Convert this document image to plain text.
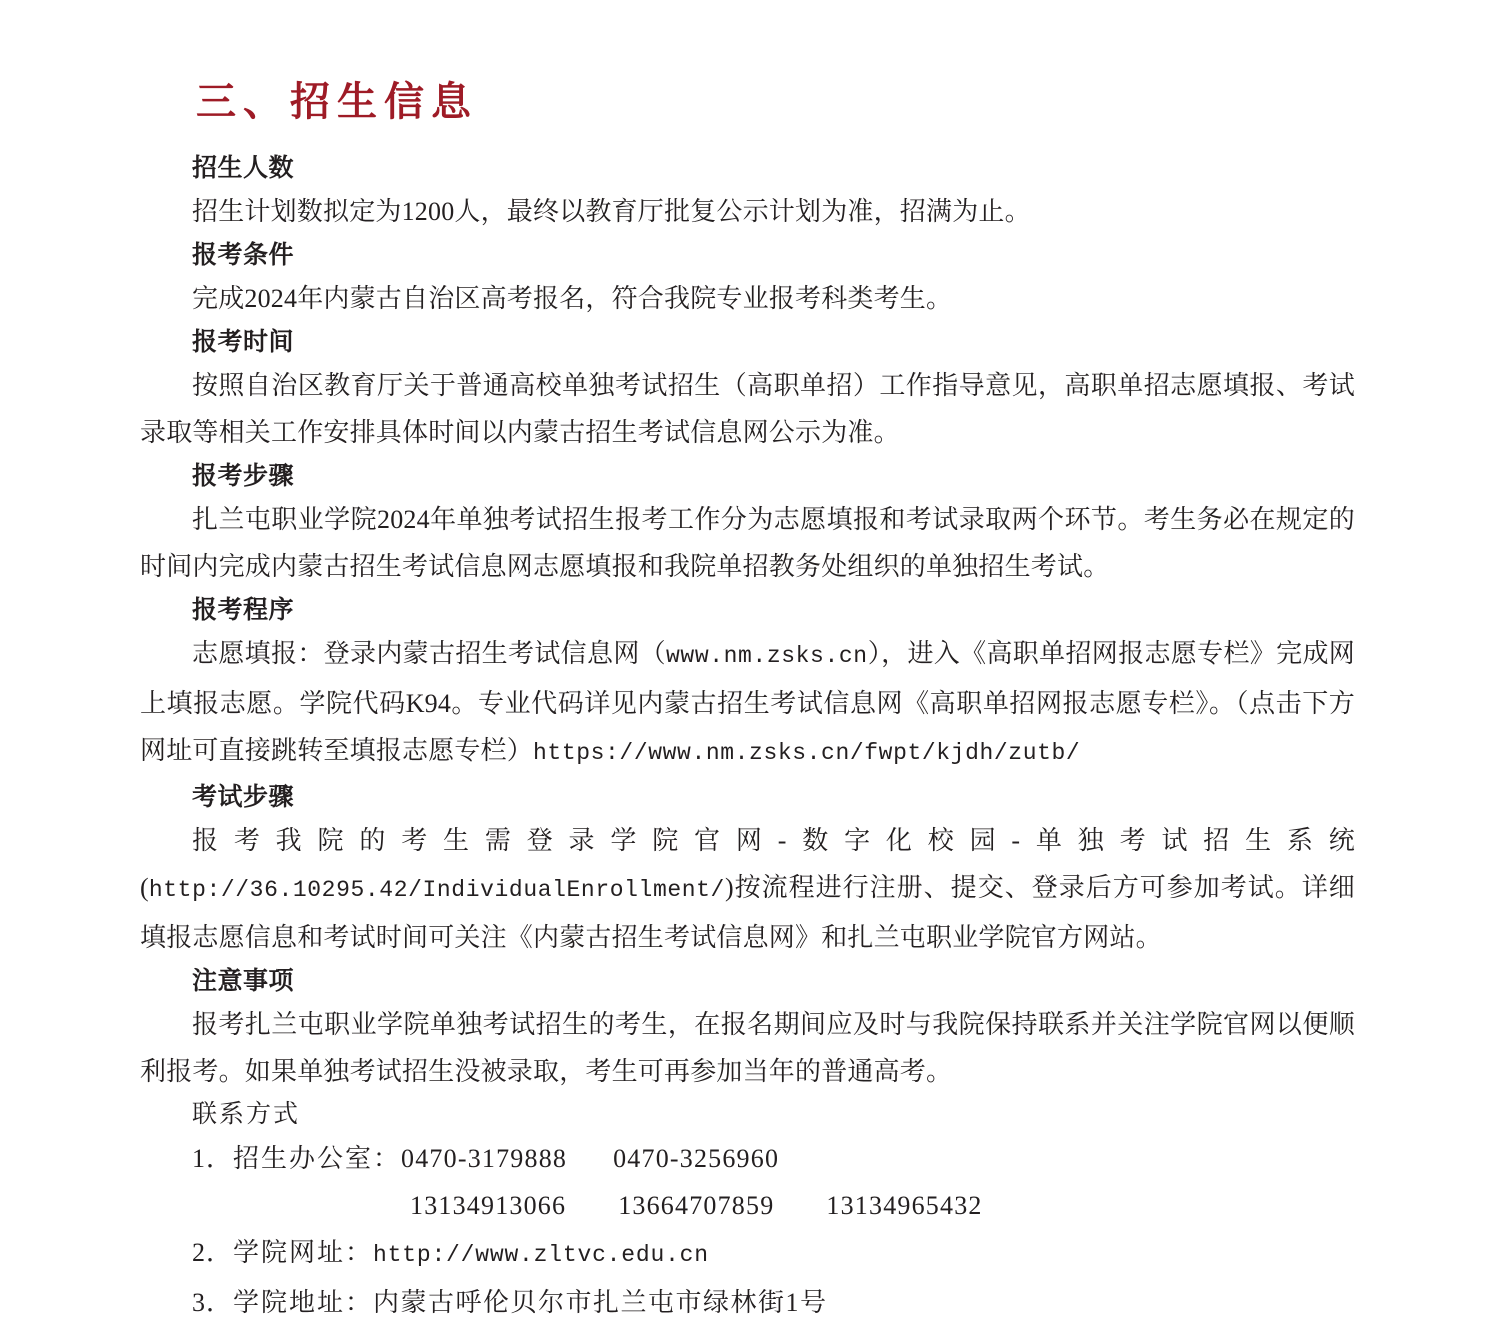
三、招生信息
招生人数

招生计划数拟定为1200人，最终以教育厅批复公示计划为准，招满为止。

报考条件

完成2024年内蒙古自治区高考报名，符合我院专业报考科类考生。

报考时间

按照自治区教育厅关于普通高校单独考试招生（高职单招）工作指导意见，高职单招志愿填报、考试录取等相关工作安排具体时间以内蒙古招生考试信息网公示为准。

报考步骤

扎兰屯职业学院2024年单独考试招生报考工作分为志愿填报和考试录取两个环节。考生务必在规定的时间内完成内蒙古招生考试信息网志愿填报和我院单招教务处组织的单独招生考试。

报考程序

志愿填报：登录内蒙古招生考试信息网（www.nm.zsks.cn），进入《高职单招网报志愿专栏》完成网上填报志愿。学院代码K94。专业代码详见内蒙古招生考试信息网《高职单招网报志愿专栏》。（点击下方网址可直接跳转至填报志愿专栏）https://www.nm.zsks.cn/fwpt/kjdh/zutb/

考试步骤

报考我院的考生需登录学院官网-数字化校园-单独考试招生系统(http://36.10295.42/IndividualEnrollment/)按流程进行注册、提交、登录后方可参加考试。详细填报志愿信息和考试时间可关注《内蒙古招生考试信息网》和扎兰屯职业学院官方网站。

注意事项

报考扎兰屯职业学院单独考试招生的考生，在报名期间应及时与我院保持联系并关注学院官网以便顺利报考。如果单独考试招生没被录取，考生可再参加当年的普通高考。

联系方式
1．招生办公室：0470-3179888 0470-3256960
13134913066 13664707859 13134965432
2．学院网址：http://www.zltvc.edu.cn
3．学院地址：内蒙古呼伦贝尔市扎兰屯市绿林街1号
